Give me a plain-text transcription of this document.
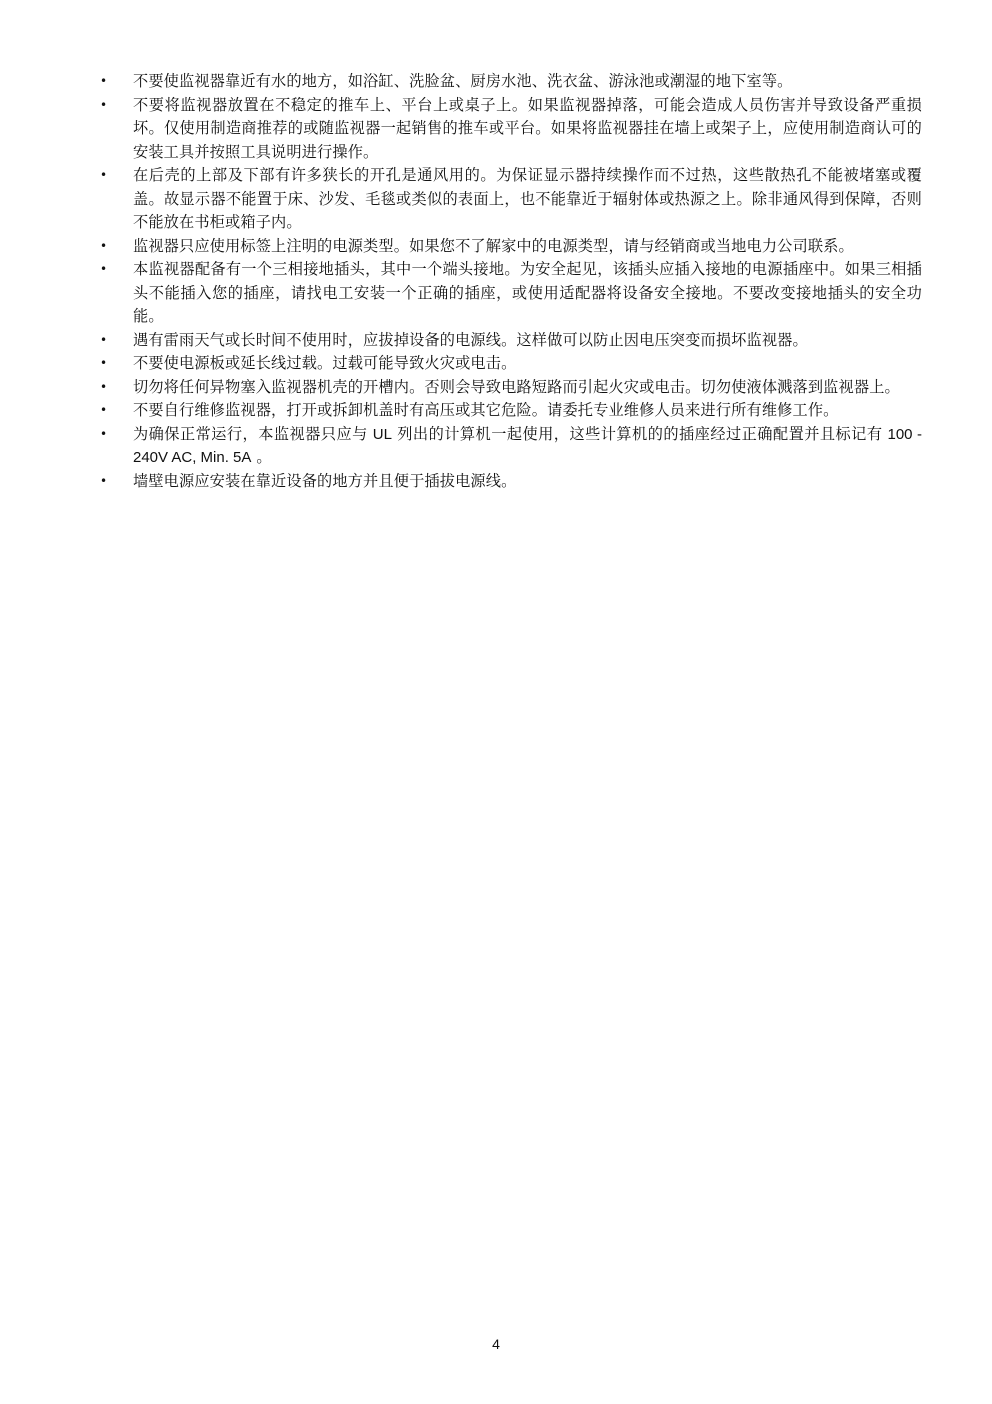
•	不要使监视器靠近有水的地方，如浴缸、洗脸盆、厨房水池、洗衣盆、游泳池或潮湿的地下室等。
•	不要将监视器放置在不稳定的推车上、平台上或桌子上。如果监视器掉落，可能会造成人员伤害并导致设备严重损坏。仅使用制造商推荐的或随监视器一起销售的推车或平台。如果将监视器挂在墙上或架子上，应使用制造商认可的安装工具并按照工具说明进行操作。
•	在后壳的上部及下部有许多狭长的开孔是通风用的。为保证显示器持续操作而不过热，这些散热孔不能被堵塞或覆盖。故显示器不能置于床、沙发、毛毯或类似的表面上，也不能靠近于辐射体或热源之上。除非通风得到保障，否则不能放在书柜或箱子内。
•	监视器只应使用标签上注明的电源类型。如果您不了解家中的电源类型，请与经销商或当地电力公司联系。
•	本监视器配备有一个三相接地插头，其中一个端头接地。为安全起见，该插头应插入接地的电源插座中。如果三相插头不能插入您的插座，请找电工安装一个正确的插座，或使用适配器将设备安全接地。不要改变接地插头的安全功能。
•	遇有雷雨天气或长时间不使用时，应拔掉设备的电源线。这样做可以防止因电压突变而损坏监视器。
•	不要使电源板或延长线过载。过载可能导致火灾或电击。
•	切勿将任何异物塞入监视器机壳的开槽内。否则会导致电路短路而引起火灾或电击。切勿使液体溅落到监视器上。
•	不要自行维修监视器，打开或拆卸机盖时有高压或其它危险。请委托专业维修人员来进行所有维修工作。
•	为确保正常运行，本监视器只应与 UL 列出的计算机一起使用，这些计算机的的插座经过正确配置并且标记有 100 - 240V AC, Min. 5A 。
•	墙壁电源应安装在靠近设备的地方并且便于插拔电源线。
4
